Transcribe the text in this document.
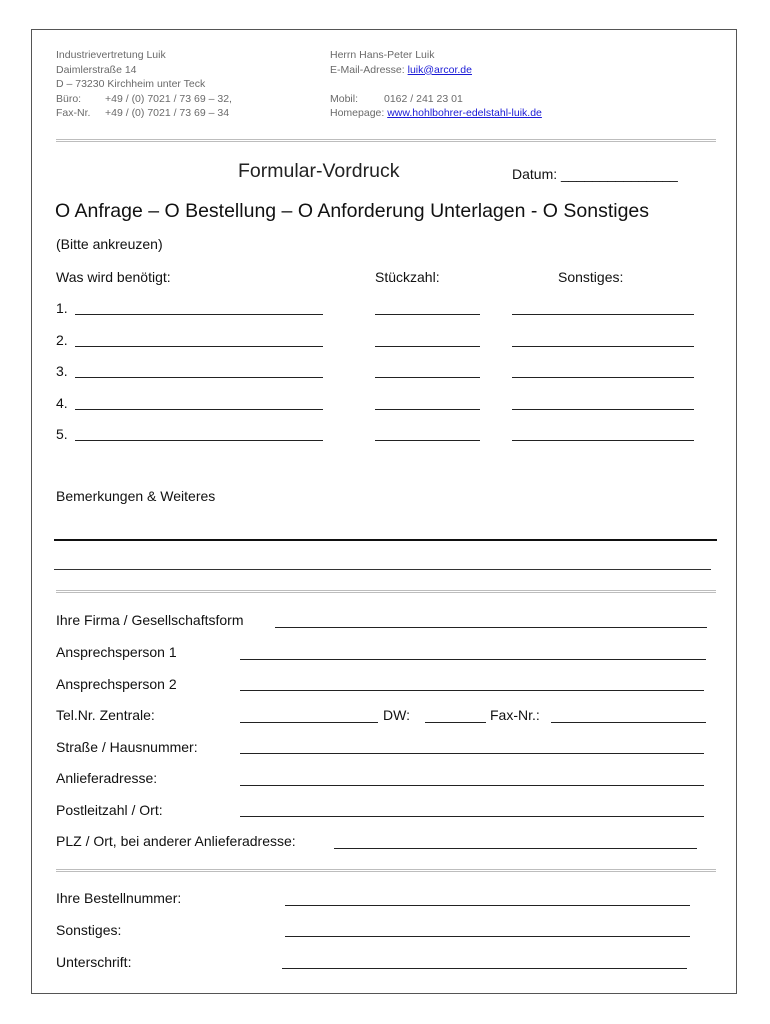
Industrievertretung Luik
Daimlerstraße 14
D – 73230 Kirchheim unter Teck
Büro: +49 / (0) 7021 / 73 69 – 32,
Fax-Nr. +49 / (0) 7021 / 73 69 – 34
Herrn Hans-Peter Luik
E-Mail-Adresse: luik@arcor.de
Mobil: 0162 / 241 23 01
Homepage: www.hohlbohrer-edelstahl-luik.de
Formular-Vordruck	Datum: _______________
O Anfrage – O Bestellung – O Anforderung Unterlagen - O Sonstiges
(Bitte ankreuzen)
Was wird benötigt:	Stückzahl:	Sonstiges:
1.
2.
3.
4.
5.
Bemerkungen & Weiteres
Ihre Firma / Gesellschaftsform
Ansprechsperson 1
Ansprechsperson 2
Tel.Nr. Zentrale:	DW:	Fax-Nr.:
Straße / Hausnummer:
Anlieferadresse:
Postleitzahl / Ort:
PLZ / Ort, bei anderer Anlieferadresse:
Ihre Bestellnummer:
Sonstiges:
Unterschrift:
